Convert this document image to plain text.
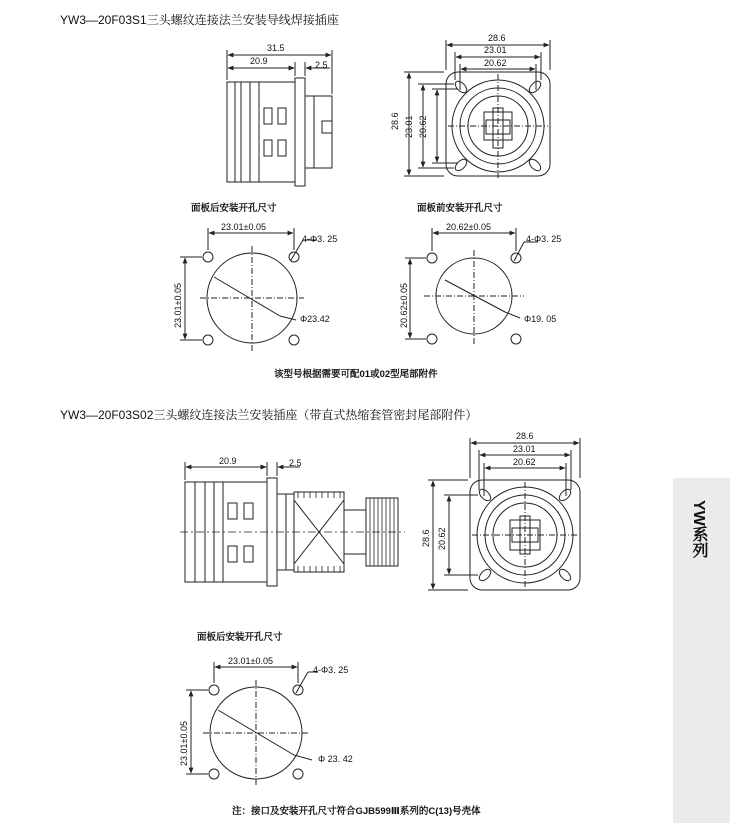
YW3—20F03S1三头螺纹连接法兰安装导线焊接插座
31.5
20.9	2.5
28.6
23.01
20.62
28.6 23.01 20.62
面板后安装开孔尺寸	面板前安装开孔尺寸
23.01±0.05
4-Φ3. 25
23.01±0.05	Φ23.42
20.62±0.05
4-Φ3. 25
20.62±0.05	Φ19. 05
该型号根据需要可配01或02型尾部附件
YW3—20F03S02三头螺纹连接法兰安装插座（带直式热缩套管密封尾部附件）
20.9	2.5
28.6
23.01
20.62
28.6 20.62
面板后安装开孔尺寸
23.01±0.05
4-Φ3. 25
23.01±0.05	Φ 23. 42
注：接口及安装开孔尺寸符合GJB599Ⅲ系列的C(13)号壳体
YW系列
